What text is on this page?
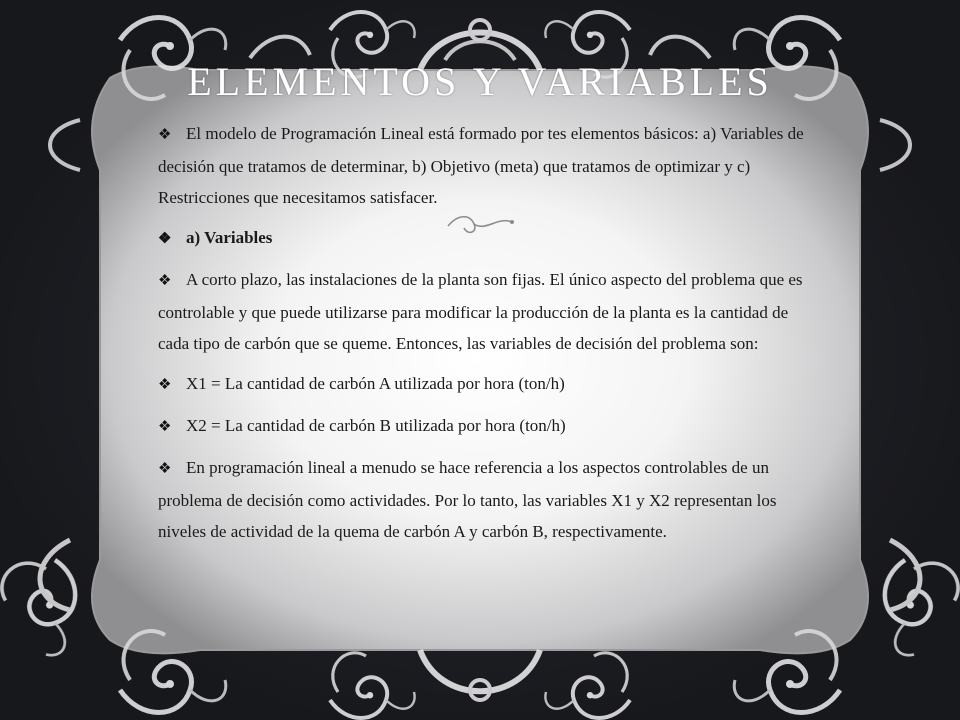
ELEMENTOS Y VARIABLES

❖ El modelo de Programación Lineal está formado por tes elementos básicos: a) Variables de decisión que tratamos de determinar, b) Objetivo (meta) que tratamos de optimizar y c) Restricciones que necesitamos satisfacer.

❖ a) Variables

❖ A corto plazo, las instalaciones de la planta son fijas. El único aspecto del problema que es controlable y que puede utilizarse para modificar la producción de la planta es la cantidad de cada tipo de carbón que se queme. Entonces, las variables de decisión del problema son:

❖ X1 = La cantidad de carbón A utilizada por hora (ton/h)

❖ X2 = La cantidad de carbón B utilizada por hora (ton/h)

❖ En programación lineal a menudo se hace referencia a los aspectos controlables de un problema de decisión como actividades. Por lo tanto, las variables X1 y X2 representan los niveles de actividad de la quema de carbón A y carbón B, respectivamente.
